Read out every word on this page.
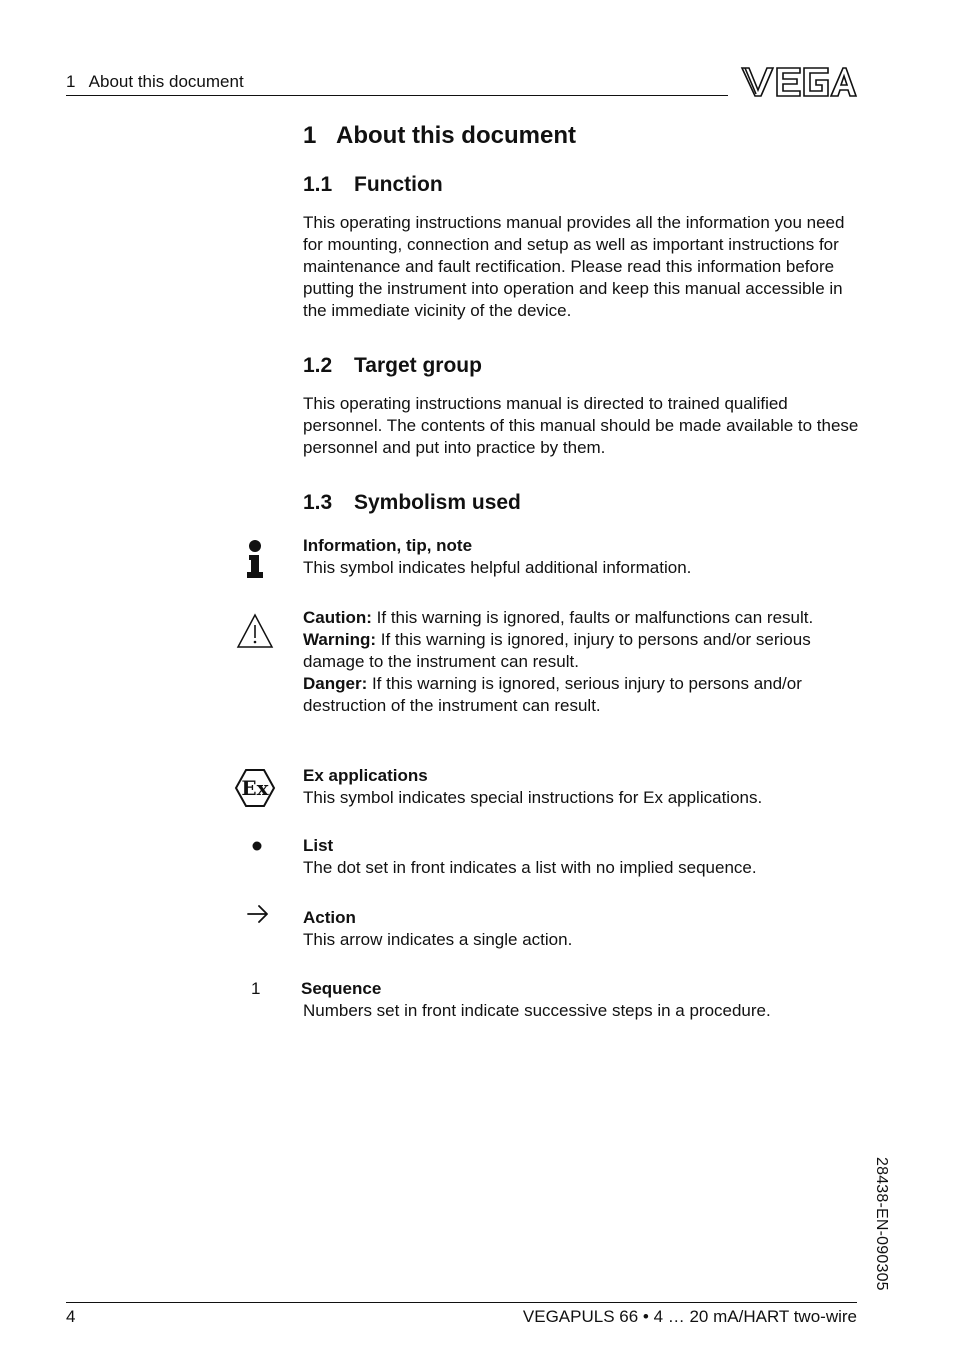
1   About this document
1 About this document
1.1 Function

This operating instructions manual provides all the information you need for mounting, connection and setup as well as important instructions for maintenance and fault rectification. Please read this information before putting the instrument into operation and keep this manual accessible in the immediate vicinity of the device.

1.2 Target group

This operating instructions manual is directed to trained qualified personnel. The contents of this manual should be made available to these personnel and put into practice by them.

1.3 Symbolism used

Information, tip, note

This symbol indicates helpful additional information.

Caution: If this warning is ignored, faults or malfunctions can result.

Warning: If this warning is ignored, injury to persons and/or serious damage to the instrument can result.

Danger: If this warning is ignored, serious injury to persons and/or destruction of the instrument can result.

Ex

Ex applications

This symbol indicates special instructions for Ex applications.

List

The dot set in front indicates a list with no implied sequence.

Action

This arrow indicates a single action.

1 Sequence

Numbers set in front indicate successive steps in a procedure.

28438-EN-090305
4	VEGAPULS 66 • 4 … 20 mA/HART two-wire
